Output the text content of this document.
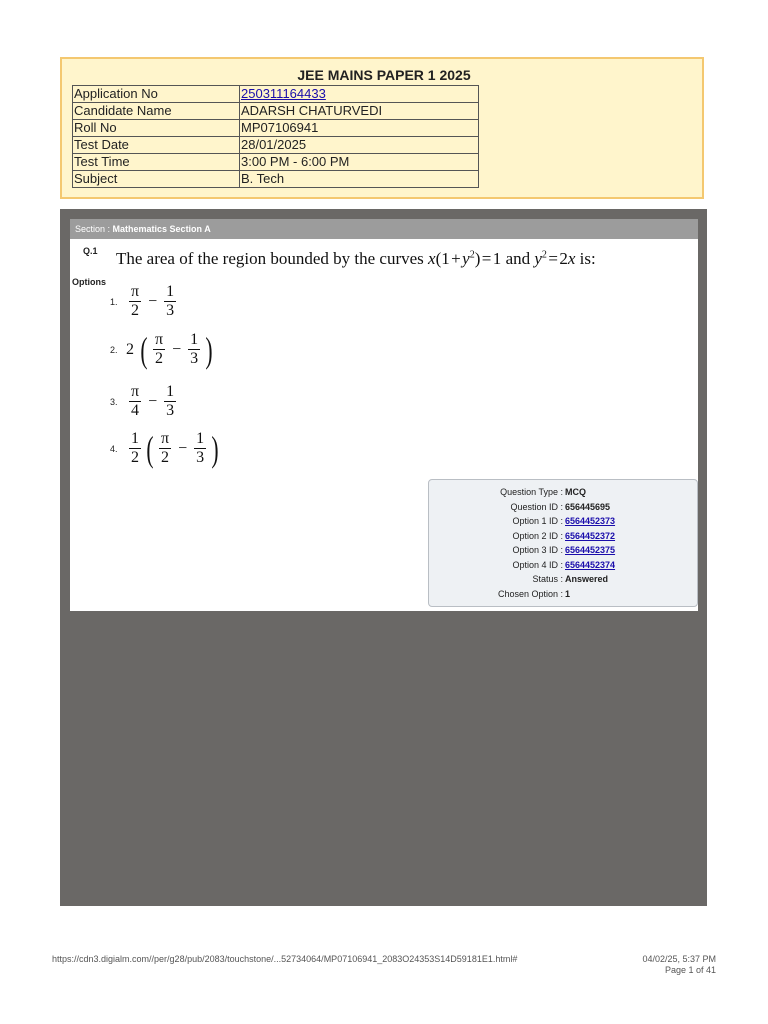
JEE MAINS PAPER 1 2025
Application No	250311164433
Candidate Name	ADARSH CHATURVEDI
Roll No	MP07106941
Test Date	28/01/2025
Test Time	3:00 PM - 6:00 PM
Subject	B. Tech
Section : Mathematics Section A
Q.1 The area of the region bounded by the curves x(1 + $y^2$) = 1 and $y^2$ = 2x is:
Options
1. $\frac{\pi}{2} - \frac{1}{3}$
2. 2 ( $\frac{\pi}{2} - \frac{1}{3}$ )
3. $\frac{\pi}{4} - \frac{1}{3}$
4. $\frac{1}{2}$ ( $\frac{\pi}{2} - \frac{1}{3}$ )
Question Type : MCQ
Question ID : 656445695
Option 1 ID : 6564452373
Option 2 ID : 6564452372
Option 3 ID : 6564452375
Option 4 ID : 6564452374
Status : Answered
Chosen Option : 1
https://cdn3.digialm.com//per/g28/pub/2083/touchstone/...52734064/MP07106941_2083O24353S14D59181E1.html#	04/02/25, 5:37 PM
Page 1 of 41
